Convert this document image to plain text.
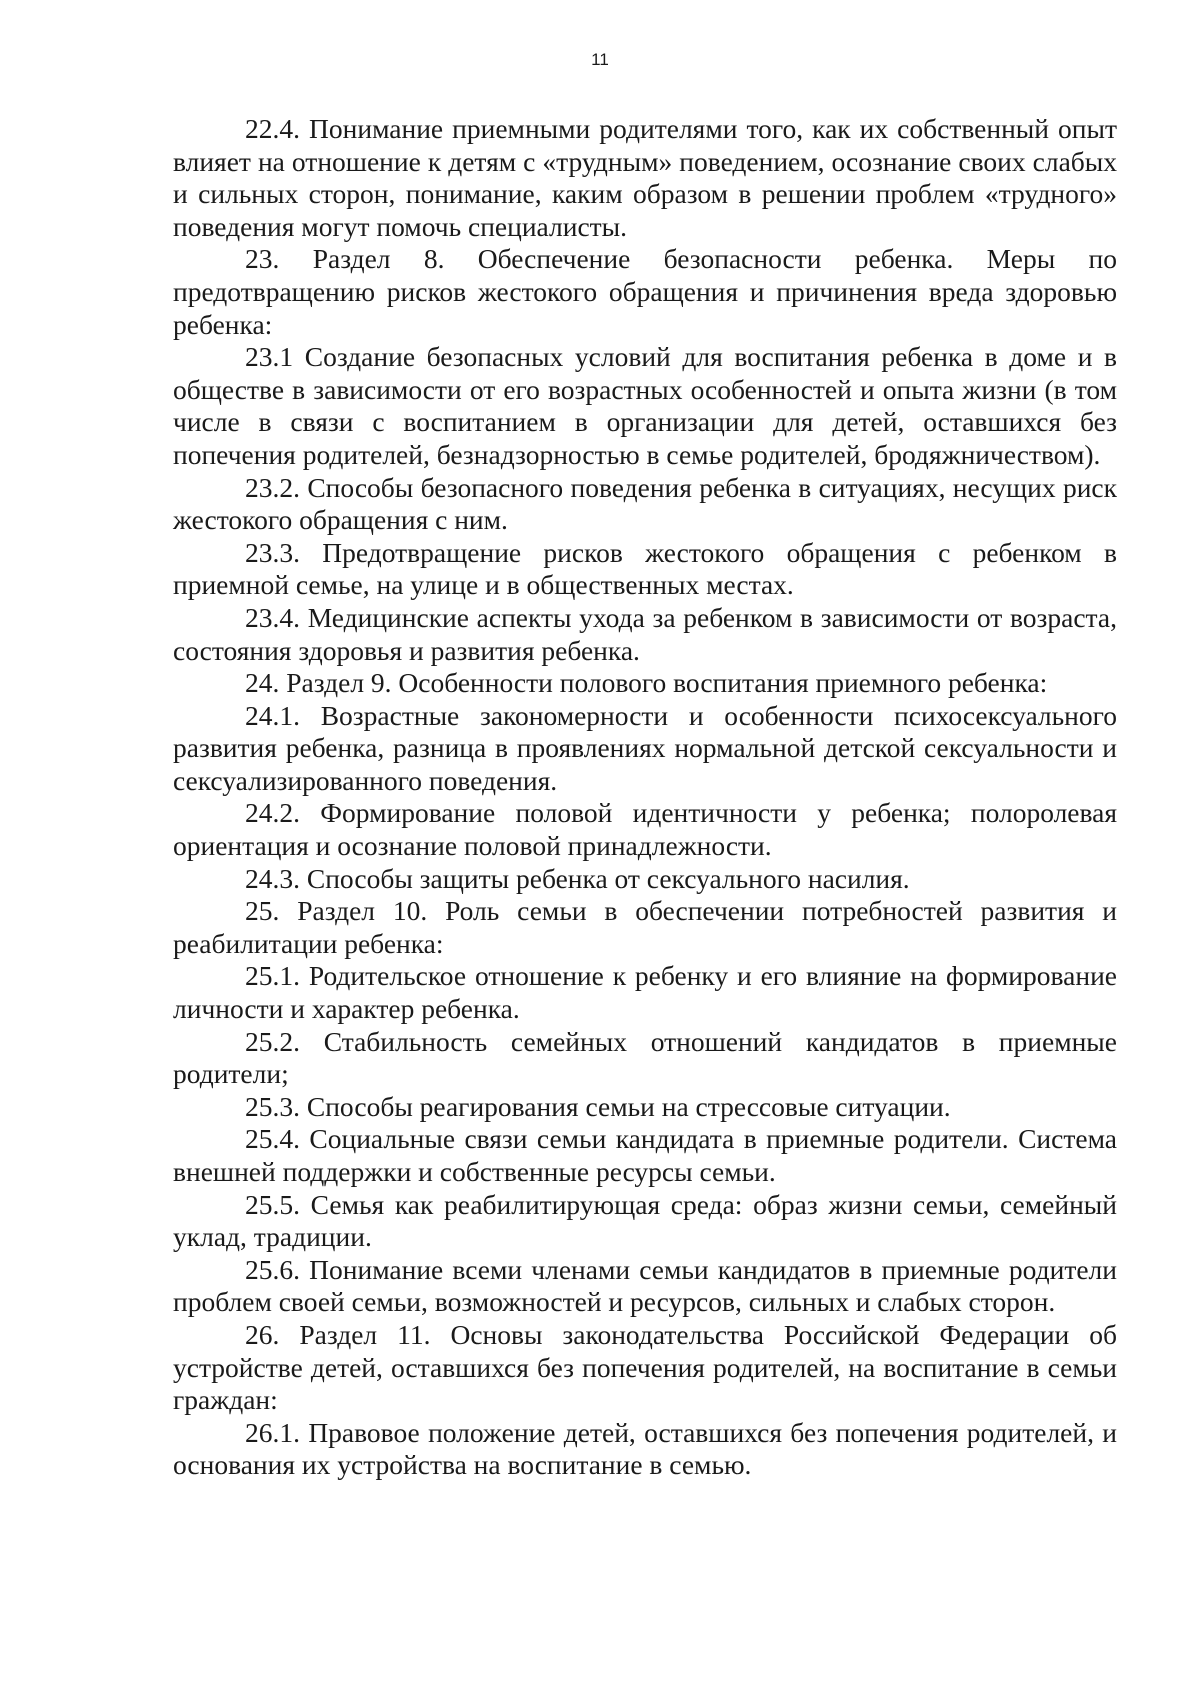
11

22.4. Понимание приемными родителями того, как их собственный опыт влияет на отношение к детям с «трудным» поведением, осознание своих слабых и сильных сторон, понимание, каким образом в решении проблем «трудного» поведения могут помочь специалисты.

23. Раздел 8. Обеспечение безопасности ребенка. Меры по предотвращению рисков жестокого обращения и причинения вреда здоровью ребенка:

23.1 Создание безопасных условий для воспитания ребенка в доме и в обществе в зависимости от его возрастных особенностей и опыта жизни (в том числе в связи с воспитанием в организации для детей, оставшихся без попечения родителей, безнадзорностью в семье родителей, бродяжничеством).

23.2. Способы безопасного поведения ребенка в ситуациях, несущих риск жестокого обращения с ним.

23.3. Предотвращение рисков жестокого обращения с ребенком в приемной семье, на улице и в общественных местах.

23.4. Медицинские аспекты ухода за ребенком в зависимости от возраста, состояния здоровья и развития ребенка.

24. Раздел 9. Особенности полового воспитания приемного ребенка:

24.1. Возрастные закономерности и особенности психосексуального развития ребенка, разница в проявлениях нормальной детской сексуальности и сексуализированного поведения.

24.2. Формирование половой идентичности у ребенка; полоролевая ориентация и осознание половой принадлежности.

24.3. Способы защиты ребенка от сексуального насилия.

25. Раздел 10. Роль семьи в обеспечении потребностей развития и реабилитации ребенка:

25.1. Родительское отношение к ребенку и его влияние на формирование личности и характер ребенка.

25.2. Стабильность семейных отношений кандидатов в приемные родители;

25.3. Способы реагирования семьи на стрессовые ситуации.

25.4. Социальные связи семьи кандидата в приемные родители. Система внешней поддержки и собственные ресурсы семьи.

25.5. Семья как реабилитирующая среда: образ жизни семьи, семейный уклад, традиции.

25.6. Понимание всеми членами семьи кандидатов в приемные родители проблем своей семьи, возможностей и ресурсов, сильных и слабых сторон.

26. Раздел 11. Основы законодательства Российской Федерации об устройстве детей, оставшихся без попечения родителей, на воспитание в семьи граждан:

26.1. Правовое положение детей, оставшихся без попечения родителей, и основания их устройства на воспитание в семью.
